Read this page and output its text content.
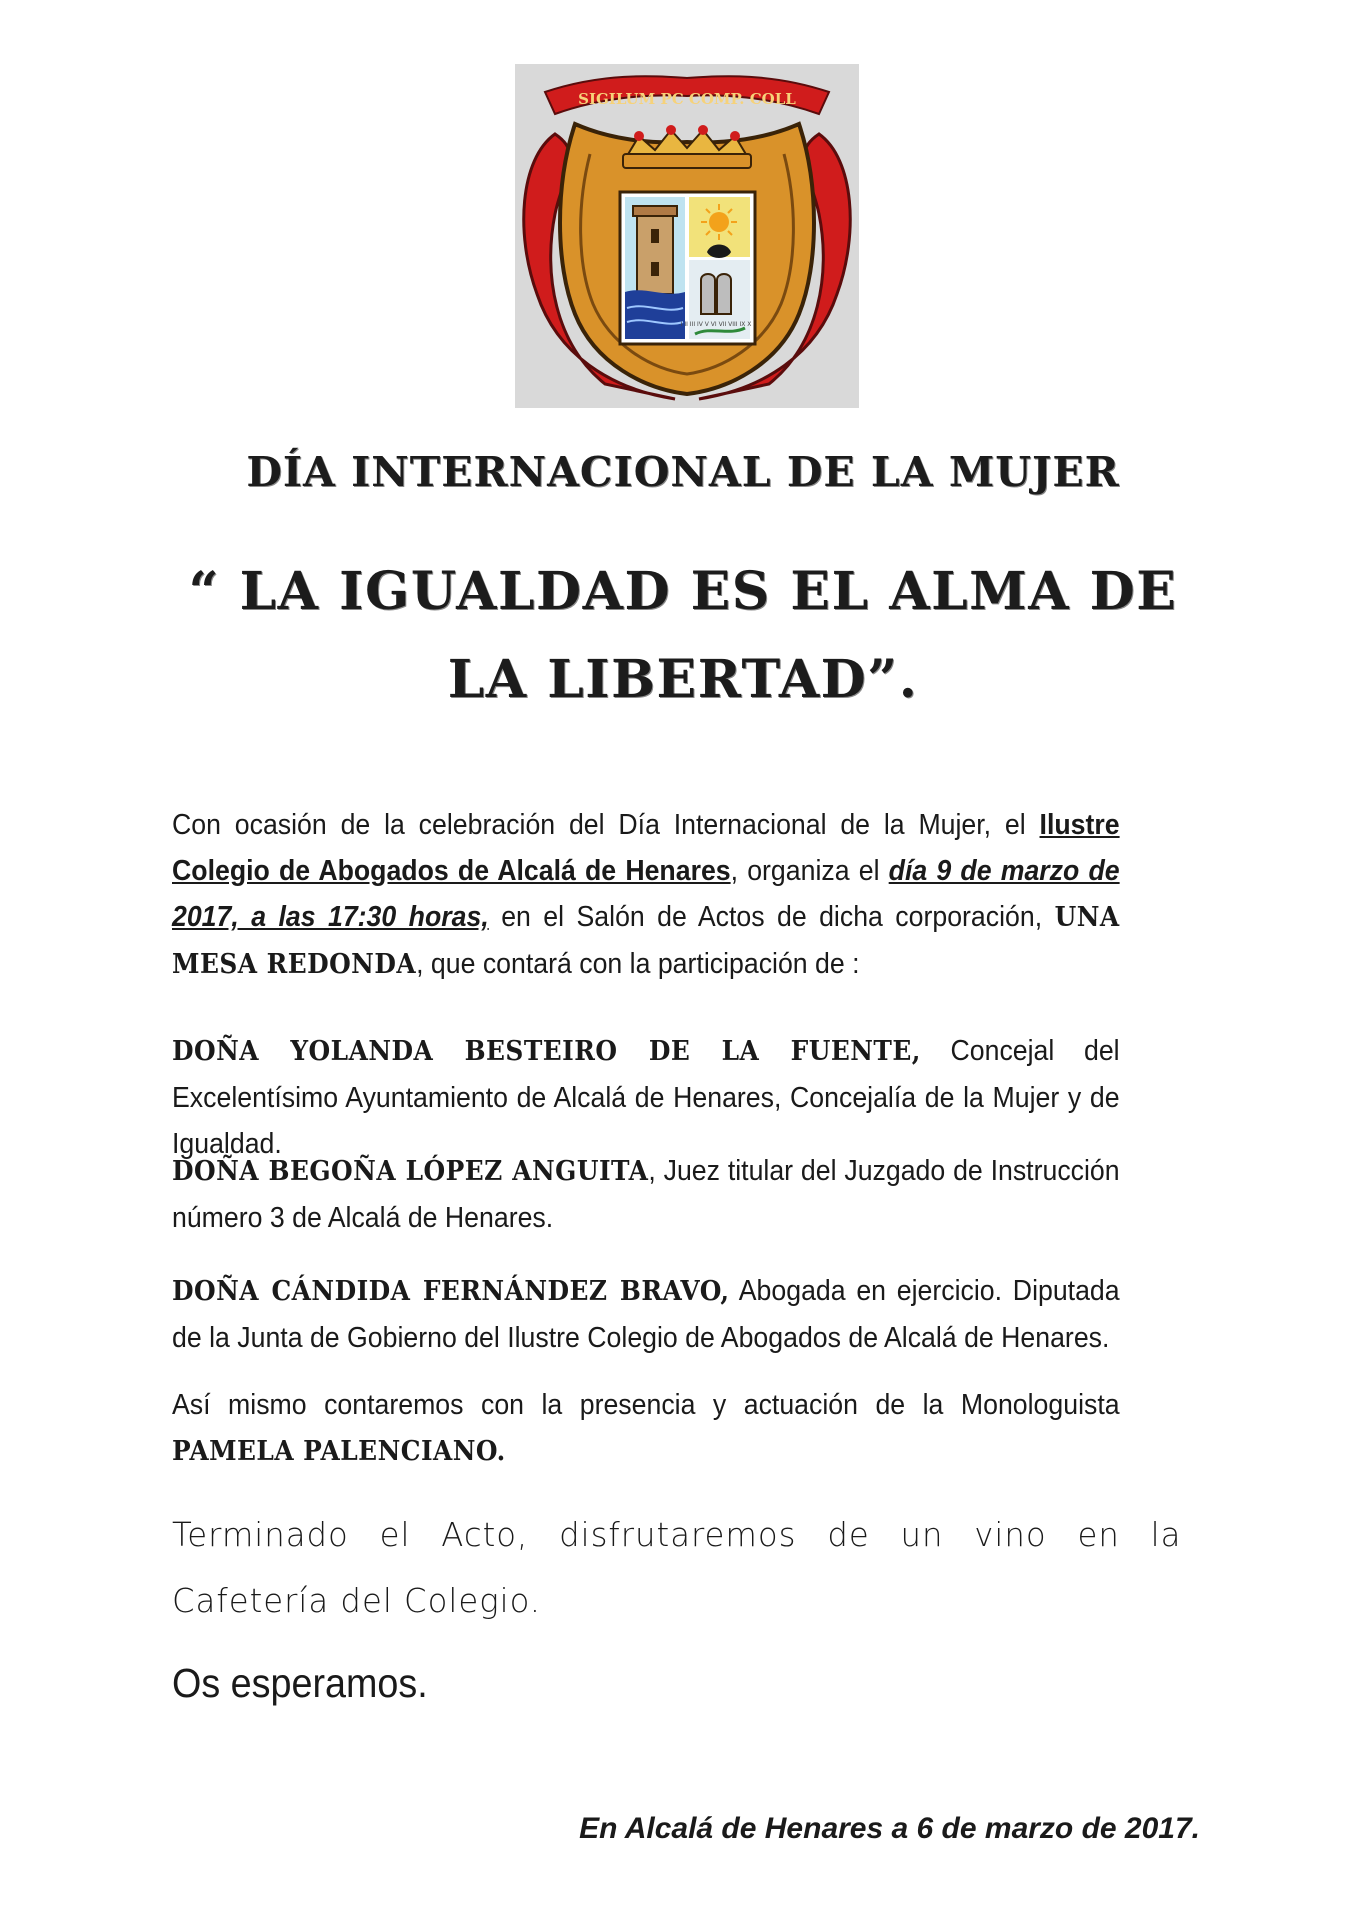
SIGILUM PC COMP. COLL
I II III IV V VI VII VIII IX X
DÍA INTERNACIONAL DE LA MUJER
“ LA IGUALDAD ES EL ALMA DE LA LIBERTAD”.
Con ocasión de la celebración del Día Internacional de la Mujer, el Ilustre Colegio de Abogados de Alcalá de Henares, organiza el día 9 de marzo de 2017, a las 17:30 horas, en el Salón de Actos de dicha corporación, UNA MESA REDONDA, que contará con la participación de :
DOÑA YOLANDA BESTEIRO DE LA FUENTE, Concejal del Excelentísimo Ayuntamiento de Alcalá de Henares, Concejalía de la Mujer y de Igualdad.
DOÑA BEGOÑA LÓPEZ ANGUITA, Juez titular del Juzgado de Instrucción número 3 de Alcalá de Henares.
DOÑA CÁNDIDA FERNÁNDEZ BRAVO, Abogada en ejercicio. Diputada de la Junta de Gobierno del Ilustre Colegio de Abogados de Alcalá de Henares.
Así mismo contaremos con la presencia y actuación de la Monologuista PAMELA PALENCIANO.
Terminado el Acto, disfrutaremos de un vino en la Cafetería del Colegio.
Os esperamos.
En Alcalá de Henares a 6 de marzo de 2017.
